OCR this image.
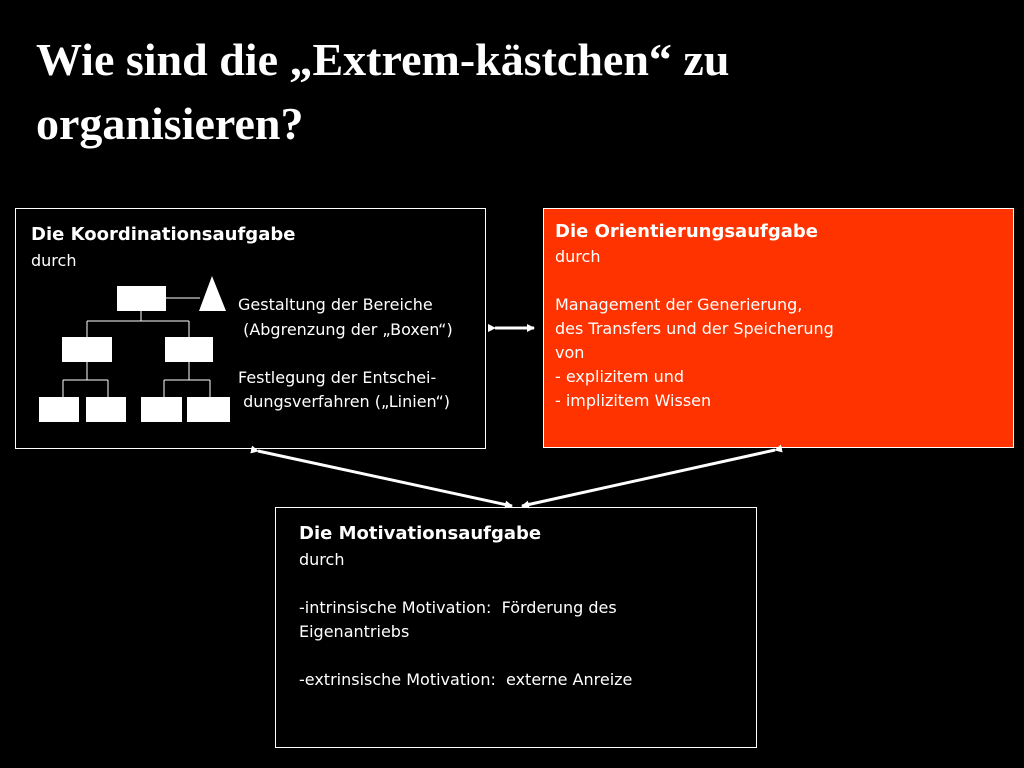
Wie sind die „Extrem-kästchen“ zu
organisieren?
Die Koordinationsaufgabe
durch
Gestaltung der Bereiche
(Abgrenzung der „Boxen“)
Festlegung der Entschei-
dungsverfahren („Linien“)
Die Orientierungsaufgabe
durch
Management der Generierung,
des Transfers und der Speicherung
von
- explizitem und
- implizitem Wissen
Die Motivationsaufgabe
durch
-intrinsische Motivation:  Förderung des
Eigenantriebs
-extrinsische Motivation:  externe Anreize
